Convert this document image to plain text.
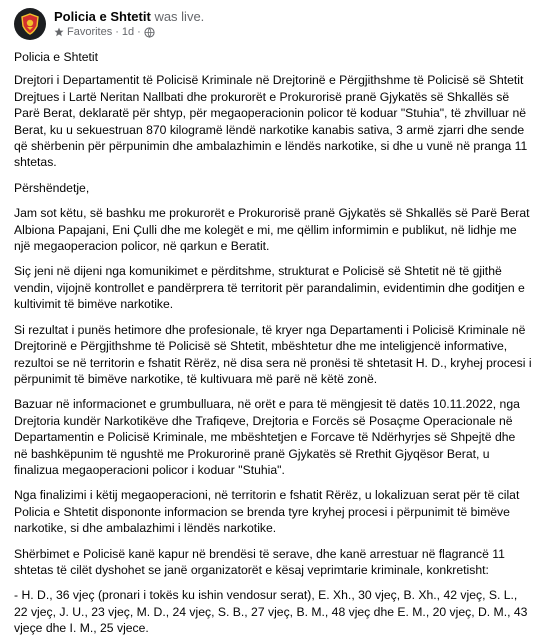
Policia e Shtetit was live.
Favorites · 1d ·

Policia e Shtetit

Drejtori i Departamentit të Policisë Kriminale në Drejtorinë e Përgjithshme të Policisë së Shtetit Drejtues i Lartë Neritan Nallbati dhe prokurorët e Prokurorisë pranë Gjykatës së Shkallës së Parë Berat, deklaratë për shtyp, për megaoperacionin policor të koduar "Stuhia", të zhvilluar në Berat, ku u sekuestruan 870 kilogramë lëndë narkotike kanabis sativa, 3 armë zjarri dhe sende që shërbenin për përpunimin dhe ambalazhimin e lëndës narkotike, si dhe u vunë në pranga 11 shtetas.

Përshëndetje,

Jam sot këtu, së bashku me prokurorët e Prokurorisë pranë Gjykatës së Shkallës së Parë Berat Albiona Papajani, Eni Çulli dhe me kolegët e mi, me qëllim informimin e publikut, në lidhje me një megaoperacion policor, në qarkun e Beratit.

Siç jeni në dijeni nga komunikimet e përditshme, strukturat e Policisë së Shtetit në të gjithë vendin, vijojnë kontrollet e pandërprera të territorit për parandalimin, evidentimin dhe goditjen e kultivimit të bimëve narkotike.

Si rezultat i punës hetimore dhe profesionale, të kryer nga Departamenti i Policisë Kriminale në Drejtorinë e Përgjithshme të Policisë së Shtetit, mbështetur dhe me inteligjencë informative, rezultoi se në territorin e fshatit Rërëz, në disa sera në pronësi të shtetasit H. D., kryhej procesi i përpunimit të bimëve narkotike, të kultivuara më parë në këtë zonë.

Bazuar në informacionet e grumbulluara, në orët e para të mëngjesit të datës 10.11.2022, nga Drejtoria kundër Narkotikëve dhe Trafiqeve, Drejtoria e Forcës së Posaçme Operacionale në Departamentin e Policisë Kriminale, me mbështetjen e Forcave të Ndërhyrjes së Shpejtë dhe në bashkëpunim të ngushtë me Prokurorinë pranë Gjykatës së Rrethit Gjyqësor Berat, u finalizua megaoperacioni policor i koduar "Stuhia".

Nga finalizimi i këtij megaoperacioni, në territorin e fshatit Rërëz, u lokalizuan serat për të cilat Policia e Shtetit dispononte informacion se brenda tyre kryhej procesi i përpunimit të bimëve narkotike, si dhe ambalazhimi i lëndës narkotike.

Shërbimet e Policisë kanë kapur në brendësi të serave, dhe kanë arrestuar në flagrancë 11 shtetas të cilët dyshohet se janë organizatorët e kësaj veprimtarie kriminale, konkretisht:

- H. D., 36 vjeç (pronari i tokës ku ishin vendosur serat), E. Xh., 30 vjeç, B. Xh., 42 vjeç, S. L., 22 vjeç, J. U., 23 vjeç, M. D., 24 vjeç, S. B., 27 vjeç, B. M., 48 vjeç dhe E. M., 20 vjeç, D. M., 43 vjeçe dhe I. M., 25 vjece.
